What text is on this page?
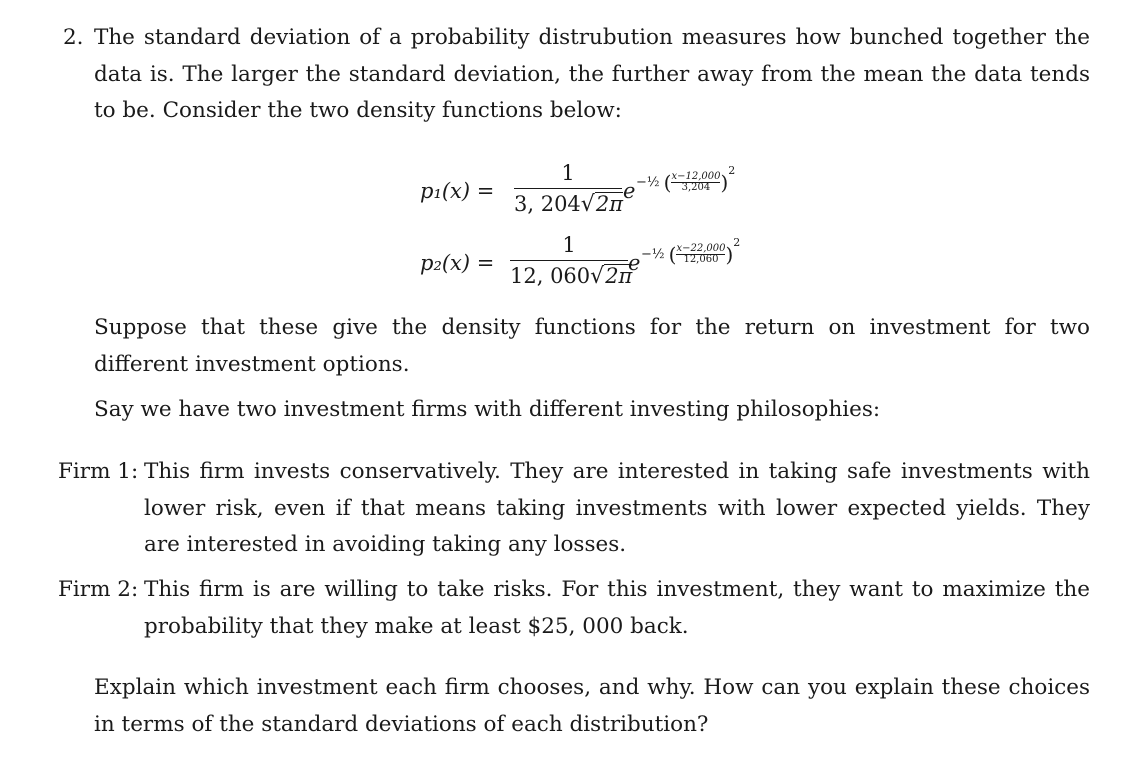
2. The standard deviation of a probability distrubution measures how bunched together the data is. The larger the standard deviation, the further away from the mean the data tends to be. Consider the two density functions below:
p₁(x) =
1
3, 204√2π
e −½ ( $\frac{x-12,000}{3,204} )^2$
p₂(x) =
1
12, 060√2π
e −½ ( $\frac{x-22,000}{12,060} )^2$
Suppose that these give the density functions for the return on investment for two different investment options.
Say we have two investment firms with different investing philosophies:
Firm 1: This firm invests conservatively. They are interested in taking safe investments with lower risk, even if that means taking investments with lower expected yields. They are interested in avoiding taking any losses.
Firm 2: This firm is are willing to take risks. For this investment, they want to maximize the probability that they make at least $25, 000 back.
Explain which investment each firm chooses, and why. How can you explain these choices in terms of the standard deviations of each distribution?
